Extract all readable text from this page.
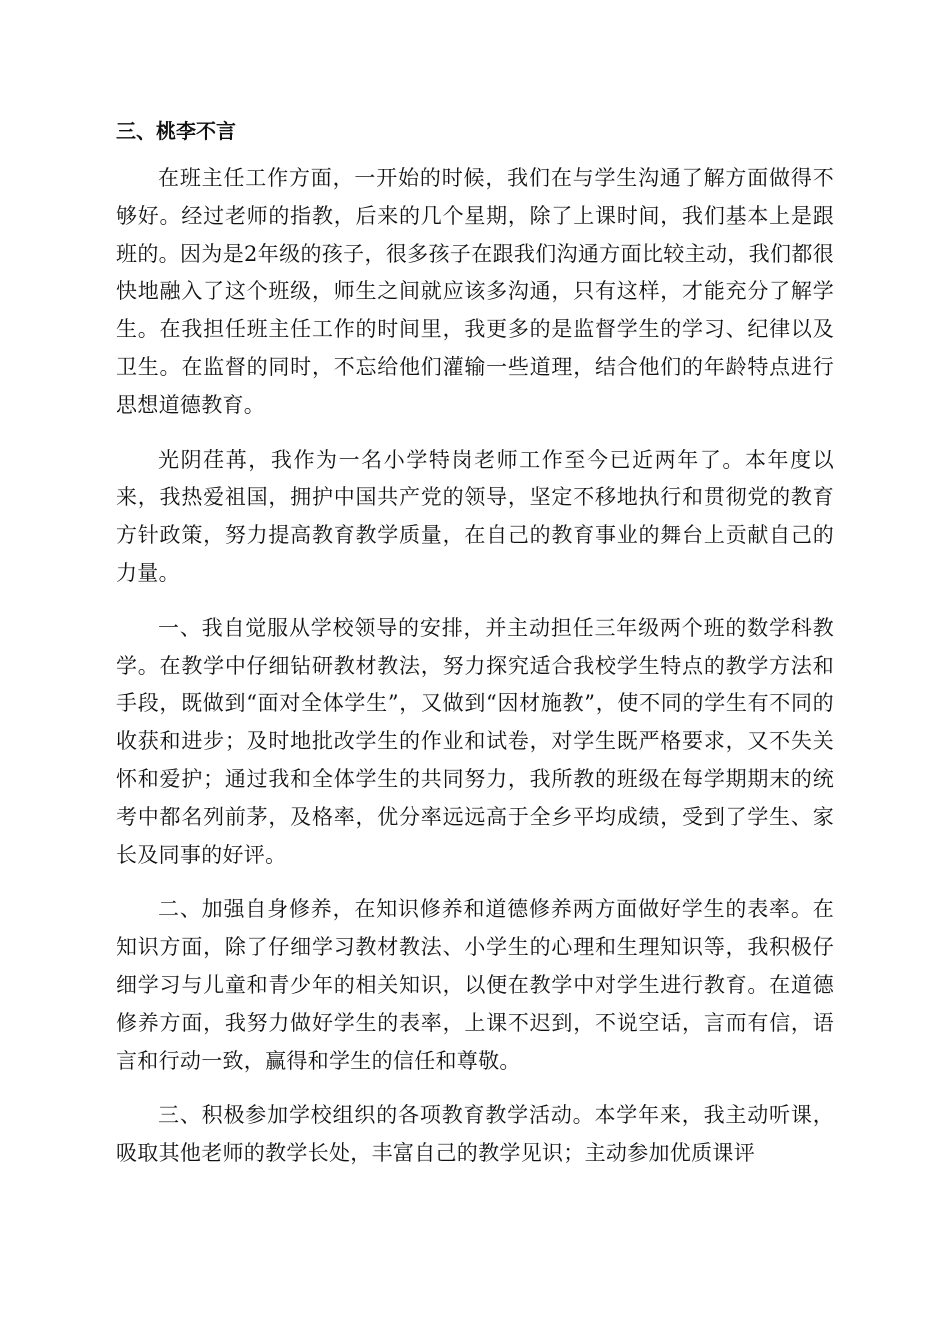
三、桃李不言

在班主任工作方面，一开始的时候，我们在与学生沟通了解方面做得不够好。经过老师的指教，后来的几个星期，除了上课时间，我们基本上是跟班的。因为是2年级的孩子，很多孩子在跟我们沟通方面比较主动，我们都很快地融入了这个班级，师生之间就应该多沟通，只有这样，才能充分了解学生。在我担任班主任工作的时间里，我更多的是监督学生的学习、纪律以及卫生。在监督的同时，不忘给他们灌输一些道理，结合他们的年龄特点进行思想道德教育。

光阴荏苒，我作为一名小学特岗老师工作至今已近两年了。本年度以来，我热爱祖国，拥护中国共产党的领导，坚定不移地执行和贯彻党的教育方针政策，努力提高教育教学质量，在自己的教育事业的舞台上贡献自己的力量。

一、我自觉服从学校领导的安排，并主动担任三年级两个班的数学科教学。在教学中仔细钻研教材教法，努力探究适合我校学生特点的教学方法和手段，既做到“面对全体学生”，又做到“因材施教”，使不同的学生有不同的收获和进步；及时地批改学生的作业和试卷，对学生既严格要求，又不失关怀和爱护；通过我和全体学生的共同努力，我所教的班级在每学期期末的统考中都名列前茅，及格率，优分率远远高于全乡平均成绩，受到了学生、家长及同事的好评。

二、加强自身修养，在知识修养和道德修养两方面做好学生的表率。在知识方面，除了仔细学习教材教法、小学生的心理和生理知识等，我积极仔细学习与儿童和青少年的相关知识，以便在教学中对学生进行教育。在道德修养方面，我努力做好学生的表率，上课不迟到，不说空话，言而有信，语言和行动一致，赢得和学生的信任和尊敬。

三、积极参加学校组织的各项教育教学活动。本学年来，我主动听课，吸取其他老师的教学长处，丰富自己的教学见识；主动参加优质课评
